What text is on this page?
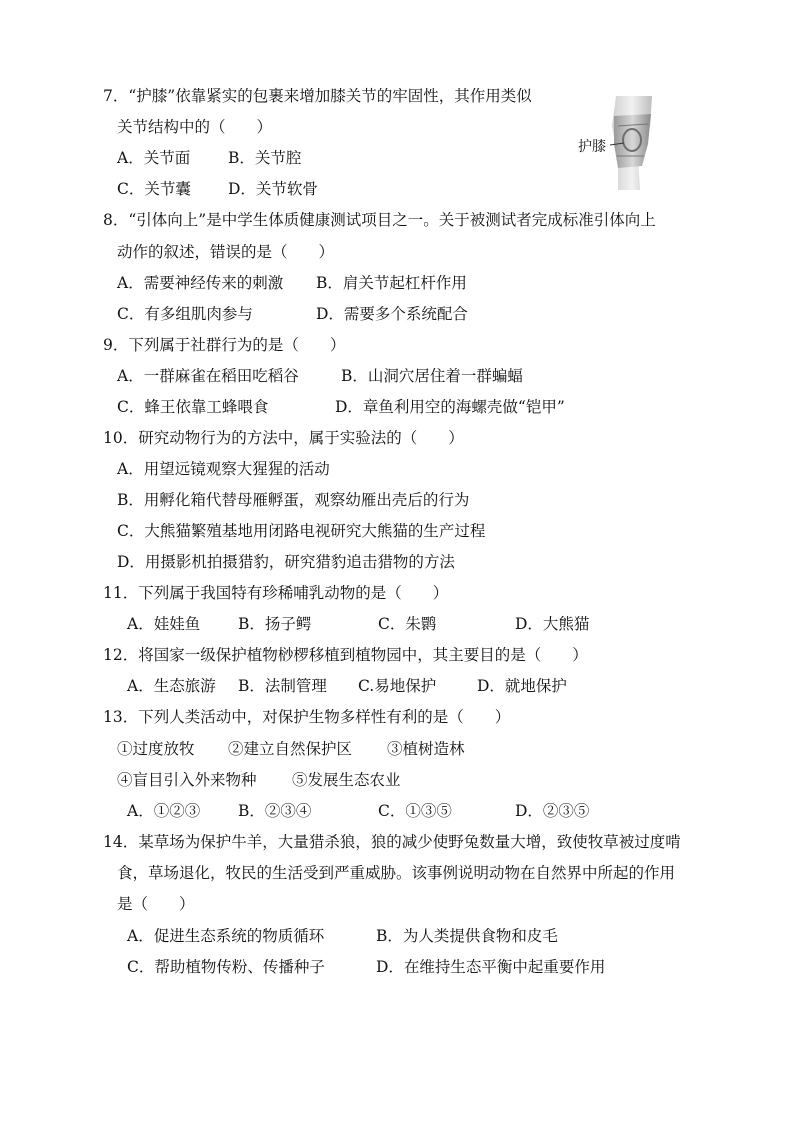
7．“护膝”依靠紧实的包裹来增加膝关节的牢固性，其作用类似
关节结构中的（　　）
A．关节面 B．关节腔
C．关节囊 D．关节软骨
护膝
8．“引体向上”是中学生体质健康测试项目之一。关于被测试者完成标准引体向上
动作的叙述，错误的是（　　）
A．需要神经传来的刺激 B．肩关节起杠杆作用
C．有多组肌肉参与	D．需要多个系统配合
9．下列属于社群行为的是（　　）
A．一群麻雀在稻田吃稻谷	B．山洞穴居住着一群蝙蝠
C．蜂王依靠工蜂喂食	D．章鱼利用空的海螺壳做“铠甲”
10．研究动物行为的方法中，属于实验法的（　　）
A．用望远镜观察大猩猩的活动
B．用孵化箱代替母雁孵蛋，观察幼雁出壳后的行为
C．大熊猫繁殖基地用闭路电视研究大熊猫的生产过程
D．用摄影机拍摄猎豹，研究猎豹追击猎物的方法
11．下列属于我国特有珍稀哺乳动物的是（　　）
A．娃娃鱼 B．扬子鳄	C．朱鹮	D．大熊猫
12．将国家一级保护植物桫椤移植到植物园中，其主要目的是（　　）
A．生态旅游 B．法制管理 C.易地保护	D．就地保护
13．下列人类活动中，对保护生物多样性有利的是（　　）
①过度放牧 ②建立自然保护区 ③植树造林
④盲目引入外来物种 ⑤发展生态农业
A．①②③ B．②③④	C．①③⑤	D．②③⑤
14．某草场为保护牛羊，大量猎杀狼，狼的减少使野兔数量大增，致使牧草被过度啃
食，草场退化，牧民的生活受到严重威胁。该事例说明动物在自然界中所起的作用
是（　　）
A．促进生态系统的物质循环	B．为人类提供食物和皮毛
C．帮助植物传粉、传播种子	D．在维持生态平衡中起重要作用
